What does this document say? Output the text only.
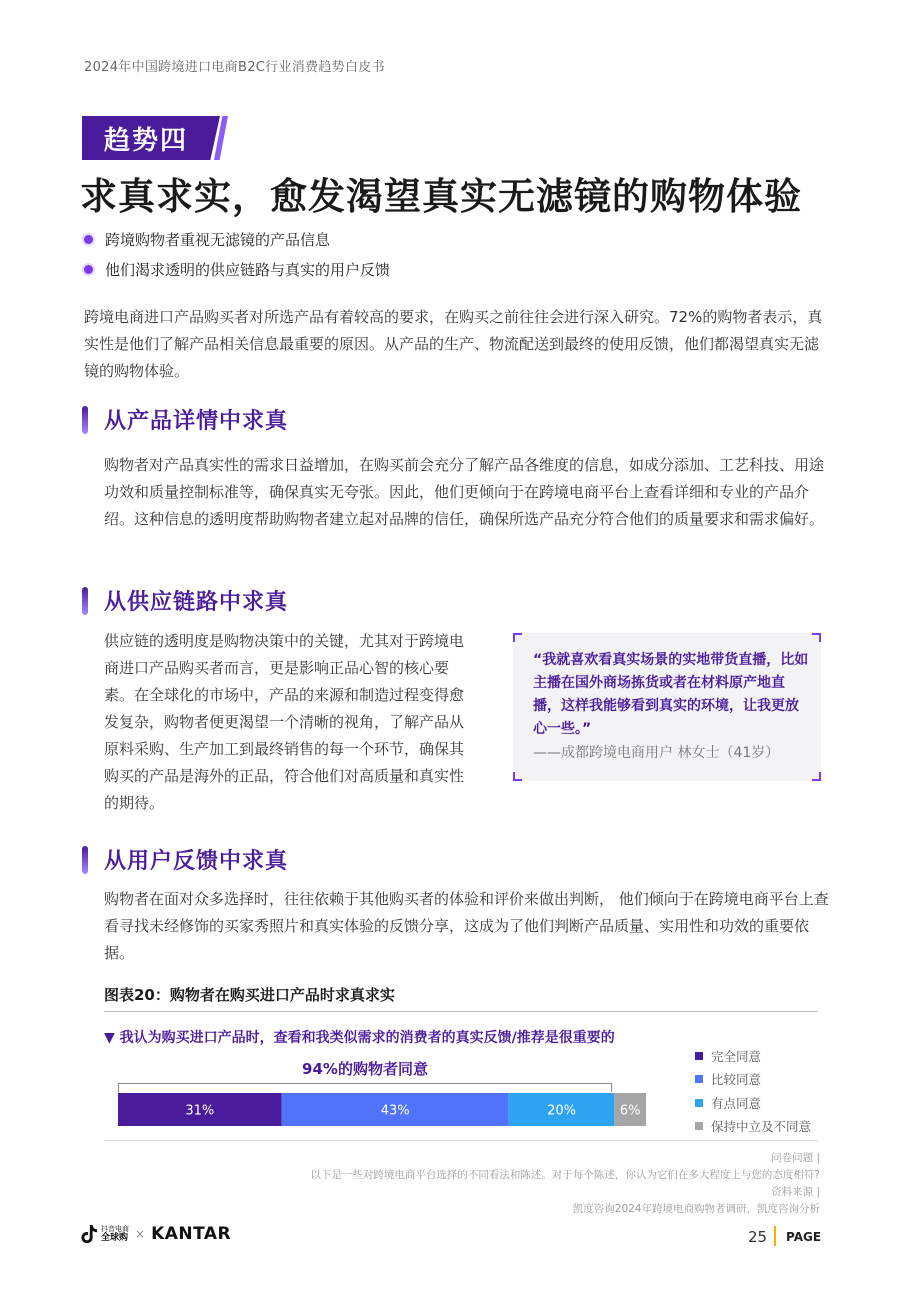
2024年中国跨境进口电商B2C行业消费趋势白皮书
趋势四
求真求实，愈发渴望真实无滤镜的购物体验
跨境购物者重视无滤镜的产品信息
他们渴求透明的供应链路与真实的用户反馈
跨境电商进口产品购买者对所选产品有着较高的要求，在购买之前往往会进行深入研究。72%的购物者表示，真实性是他们了解产品相关信息最重要的原因。从产品的生产、物流配送到最终的使用反馈，他们都渴望真实无滤镜的购物体验。
从产品详情中求真
购物者对产品真实性的需求日益增加，在购买前会充分了解产品各维度的信息，如成分添加、工艺科技、用途功效和质量控制标准等，确保真实无夸张。因此，他们更倾向于在跨境电商平台上查看详细和专业的产品介绍。这种信息的透明度帮助购物者建立起对品牌的信任，确保所选产品充分符合他们的质量要求和需求偏好。
从供应链路中求真
供应链的透明度是购物决策中的关键，尤其对于跨境电商进口产品购买者而言，更是影响正品心智的核心要素。在全球化的市场中，产品的来源和制造过程变得愈发复杂，购物者便更渴望一个清晰的视角，了解产品从原料采购、生产加工到最终销售的每一个环节，确保其购买的产品是海外的正品，符合他们对高质量和真实性的期待。
“我就喜欢看真实场景的实地带货直播，比如主播在国外商场拣货或者在材料原产地直播，这样我能够看到真实的环境，让我更放心一些。”
——成都跨境电商用户 林女士（41岁）
从用户反馈中求真
购物者在面对众多选择时，往往依赖于其他购买者的体验和评价来做出判断， 他们倾向于在跨境电商平台上查看寻找未经修饰的买家秀照片和真实体验的反馈分享，这成为了他们判断产品质量、实用性和功效的重要依据。
图表20：购物者在购买进口产品时求真求实
▼ 我认为购买进口产品时，查看和我类似需求的消费者的真实反馈/推荐是很重要的
94%的购物者同意
31%	43%	20%	6%
完全同意
比较同意
有点同意
保持中立及不同意
问卷问题 |
以下是一些对跨境电商平台选择的不同看法和陈述。对于每个陈述，你认为它们在多大程度上与您的态度相符?
资料来源 |
凯度咨询2024年跨境电商购物者调研，凯度咨询分析
抖音电商
全球购 × KANTAR	25 PAGE
